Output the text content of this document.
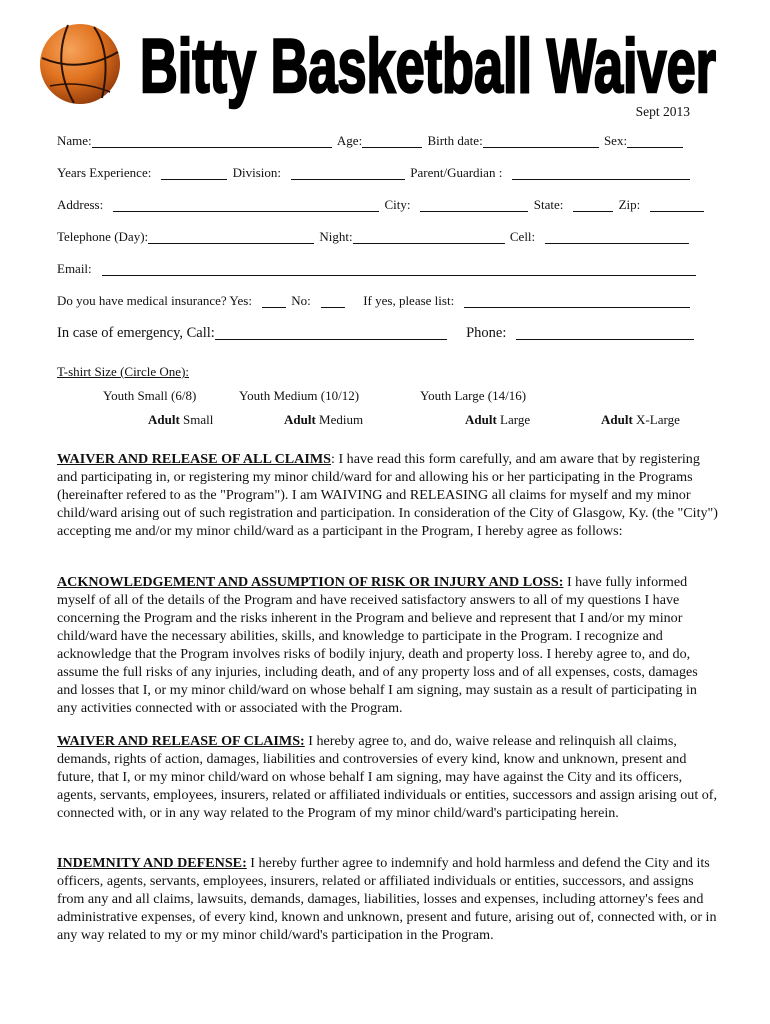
Bitty Basketball Waiver
Sept 2013
Name:	Age:	Birth date:	Sex:
Years Experience:	Division:	Parent/Guardian :
Address:	City:	State:	Zip:
Telephone (Day):	Night:	Cell:
Email:
Do you have medical insurance? Yes:	No:	If yes, please list:
In case of emergency, Call:	Phone:
T-shirt Size (Circle One):
Youth Small (6/8)	Youth Medium (10/12)	Youth Large (14/16)
Adult Small	Adult Medium	Adult Large	Adult X-Large
WAIVER AND RELEASE OF ALL CLAIMS: I have read this form carefully, and am aware that by registering and participating in, or registering my minor child/ward for and allowing his or her participating in the Programs (hereinafter refered to as the "Program"). I am WAIVING and RELEASING all claims for myself and my minor child/ward arising out of such registration and participation. In consideration of the City of Glasgow, Ky. (the "City") accepting me and/or my minor child/ward as a participant in the Program, I hereby agree as follows:
ACKNOWLEDGEMENT AND ASSUMPTION OF RISK OR INJURY AND LOSS: I have fully informed myself of all of the details of the Program and have received satisfactory answers to all of my questions I have concerning the Program and the risks inherent in the Program and believe and represent that I and/or my minor child/ward have the necessary abilities, skills, and knowledge to participate in the Program. I recognize and acknowledge that the Program involves risks of bodily injury, death and property loss. I hereby agree to, and do, assume the full risks of any injuries, including death, and of any property loss and of all expenses, costs, damages and losses that I, or my minor child/ward on whose behalf I am signing, may sustain as a result of participating in any activities connected with or associated with the Program.
WAIVER AND RELEASE OF CLAIMS: I hereby agree to, and do, waive release and relinquish all claims, demands, rights of action, damages, liabilities and controversies of every kind, know and unknown, present and future, that I, or my minor child/ward on whose behalf I am signing, may have against the City and its officers, agents, servants, employees, insurers, related or affiliated individuals or entities, successors and assign arising out of, connected with, or in any way related to the Program of my minor child/ward's participating herein.
INDEMNITY AND DEFENSE: I hereby further agree to indemnify and hold harmless and defend the City and its officers, agents, servants, employees, insurers, related or affiliated individuals or entities, successors, and assigns from any and all claims, lawsuits, demands, damages, liabilities, losses and expenses, including attorney's fees and administrative expenses, of every kind, known and unknown, present and future, arising out of, connected with, or in any way related to my or my minor child/ward's participation in the Program.
